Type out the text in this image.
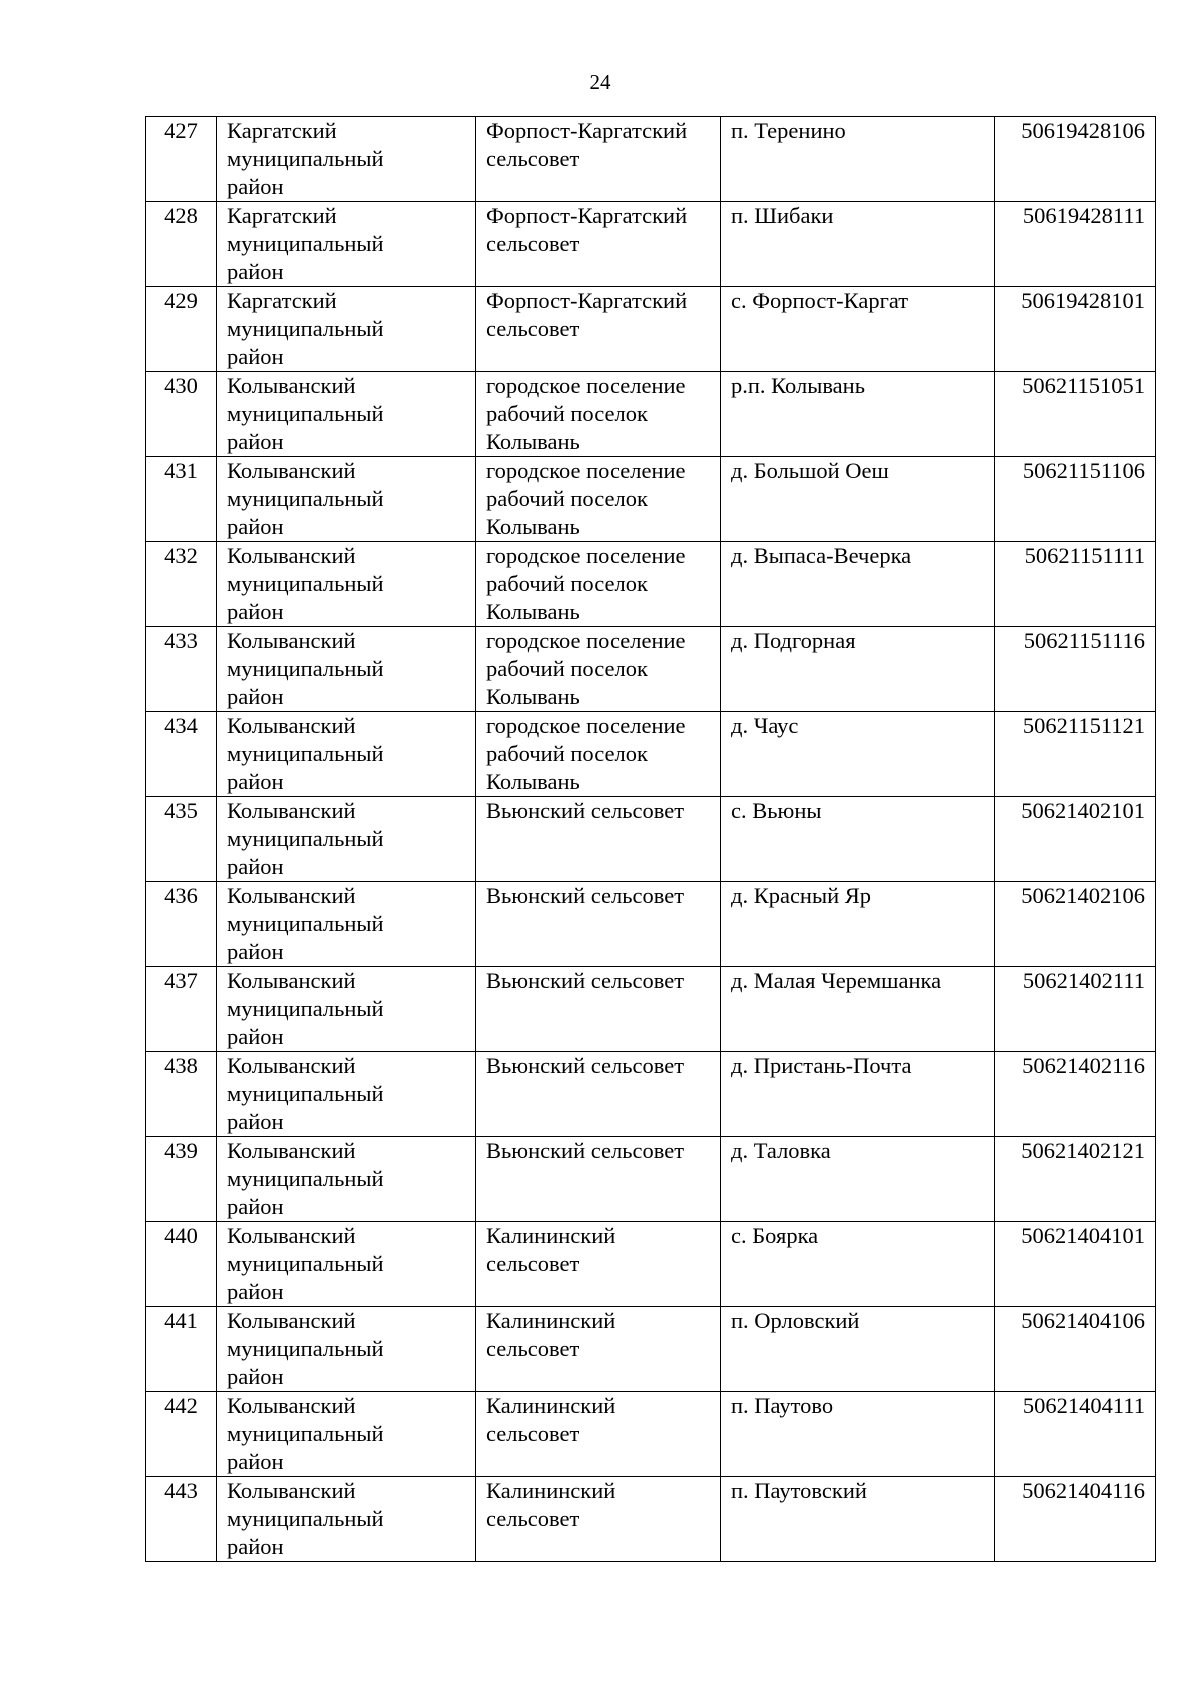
24
427	Каргатский
муниципальный
район	Форпост-Каргатский
сельсовет	п. Теренино	50619428106
428	Каргатский
муниципальный
район	Форпост-Каргатский
сельсовет	п. Шибаки	50619428111
429	Каргатский
муниципальный
район	Форпост-Каргатский
сельсовет	с. Форпост-Каргат	50619428101
430	Колыванский
муниципальный
район	городское поселение
рабочий поселок
Колывань	р.п. Колывань	50621151051
431	Колыванский
муниципальный
район	городское поселение
рабочий поселок
Колывань	д. Большой Оеш	50621151106
432	Колыванский
муниципальный
район	городское поселение
рабочий поселок
Колывань	д. Выпаса-Вечерка	50621151111
433	Колыванский
муниципальный
район	городское поселение
рабочий поселок
Колывань	д. Подгорная	50621151116
434	Колыванский
муниципальный
район	городское поселение
рабочий поселок
Колывань	д. Чаус	50621151121
435	Колыванский
муниципальный
район	Вьюнский сельсовет	с. Вьюны	50621402101
436	Колыванский
муниципальный
район	Вьюнский сельсовет	д. Красный Яр	50621402106
437	Колыванский
муниципальный
район	Вьюнский сельсовет	д. Малая Черемшанка	50621402111
438	Колыванский
муниципальный
район	Вьюнский сельсовет	д. Пристань-Почта	50621402116
439	Колыванский
муниципальный
район	Вьюнский сельсовет	д. Таловка	50621402121
440	Колыванский
муниципальный
район	Калининский
сельсовет	с. Боярка	50621404101
441	Колыванский
муниципальный
район	Калининский
сельсовет	п. Орловский	50621404106
442	Колыванский
муниципальный
район	Калининский
сельсовет	п. Паутово	50621404111
443	Колыванский
муниципальный
район	Калининский
сельсовет	п. Паутовский	50621404116
